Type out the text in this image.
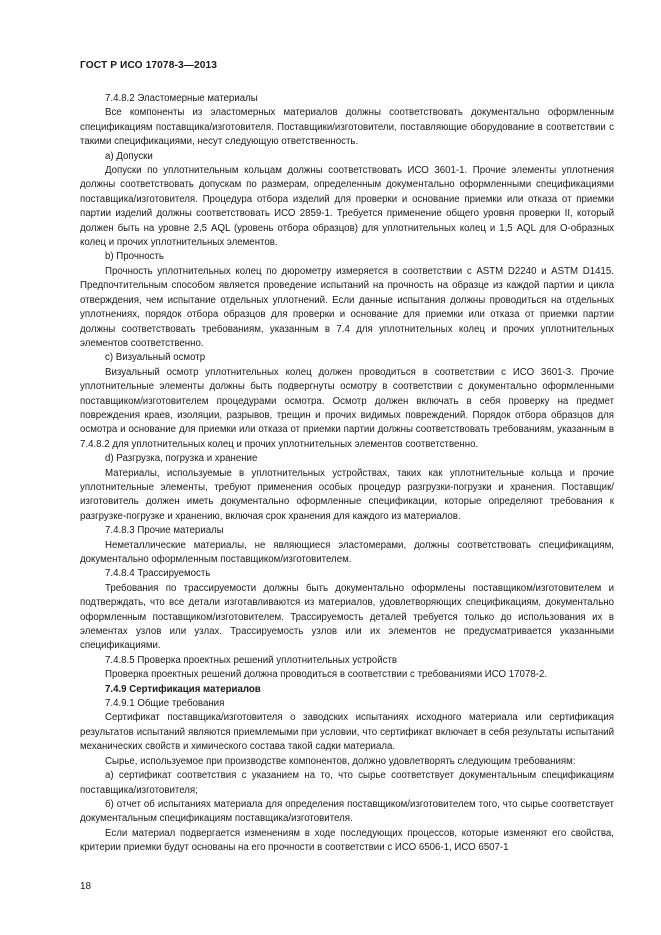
ГОСТ Р ИСО 17078-3—2013

7.4.8.2 Эластомерные материалы

Все компоненты из эластомерных материалов должны соответствовать документально оформленным спецификациям поставщика/изготовителя. Поставщики/изготовители, поставляющие оборудование в соответствии с такими спецификациями, несут следующую ответственность.

а) Допуски

Допуски по уплотнительным кольцам должны соответствовать ИСО 3601-1. Прочие элементы уплотнения должны соответствовать допускам по размерам, определенным документально оформленными спецификациями поставщика/изготовителя. Процедура отбора изделий для проверки и основание приемки или отказа от приемки партии изделий должны соответствовать ИСО 2859-1. Требуется применение общего уровня проверки II, который должен быть на уровне 2,5 AQL (уровень отбора образцов) для уплотнительных колец и 1,5 AQL для О-образных колец и прочих уплотнительных элементов.

b) Прочность

Прочность уплотнительных колец по дюрометру измеряется в соответствии с ASTM D2240 и ASTM D1415. Предпочтительным способом является проведение испытаний на прочность на образце из каждой партии и цикла отверждения, чем испытание отдельных уплотнений. Если данные испытания должны проводиться на отдельных уплотнениях, порядок отбора образцов для проверки и основание для приемки или отказа от приемки партии должны соответствовать требованиям, указанным в 7.4 для уплотнительных колец и прочих уплотнительных элементов соответственно.

c) Визуальный осмотр

Визуальный осмотр уплотнительных колец должен проводиться в соответствии с ИСО 3601-3. Прочие уплотнительные элементы должны быть подвергнуты осмотру в соответствии с документально оформленными поставщиком/изготовителем процедурами осмотра. Осмотр должен включать в себя проверку на предмет повреждения краев, изоляции, разрывов, трещин и прочих видимых повреждений. Порядок отбора образцов для осмотра и основание для приемки или отказа от приемки партии должны соответствовать требованиям, указанным в 7.4.8.2 для уплотнительных колец и прочих уплотнительных элементов соответственно.

d) Разгрузка, погрузка и хранение

Материалы, используемые в уплотнительных устройствах, таких как уплотнительные кольца и прочие уплотнительные элементы, требуют применения особых процедур разгрузки-погрузки и хранения. Поставщик/изготовитель должен иметь документально оформленные спецификации, которые определяют требования к разгрузке-погрузке и хранению, включая срок хранения для каждого из материалов.

7.4.8.3 Прочие материалы

Неметаллические материалы, не являющиеся эластомерами, должны соответствовать спецификациям, документально оформленным поставщиком/изготовителем.

7.4.8.4 Трассируемость

Требования по трассируемости должны быть документально оформлены поставщиком/изготовителем и подтверждать, что все детали изготавливаются из материалов, удовлетворяющих спецификациям, документально оформленным поставщиком/изготовителем. Трассируемость деталей требуется только до использования их в элементах узлов или узлах. Трассируемость узлов или их элементов не предусматривается указанными спецификациями.

7.4.8.5 Проверка проектных решений уплотнительных устройств

Проверка проектных решений должна проводиться в соответствии с требованиями ИСО 17078-2.

7.4.9 Сертификация материалов

7.4.9.1 Общие требования

Сертификат поставщика/изготовителя о заводских испытаниях исходного материала или сертификация результатов испытаний являются приемлемыми при условии, что сертификат включает в себя результаты испытаний механических свойств и химического состава такой садки материала.

Сырье, используемое при производстве компонентов, должно удовлетворять следующим требованиям:

а) сертификат соответствия с указанием на то, что сырье соответствует документальным спецификациям поставщика/изготовителя;

б) отчет об испытаниях материала для определения поставщиком/изготовителем того, что сырье соответствует документальным спецификациям поставщика/изготовителя.

Если материал подвергается изменениям в ходе последующих процессов, которые изменяют его свойства, критерии приемки будут основаны на его прочности в соответствии с ИСО 6506-1, ИСО 6507-1

18
